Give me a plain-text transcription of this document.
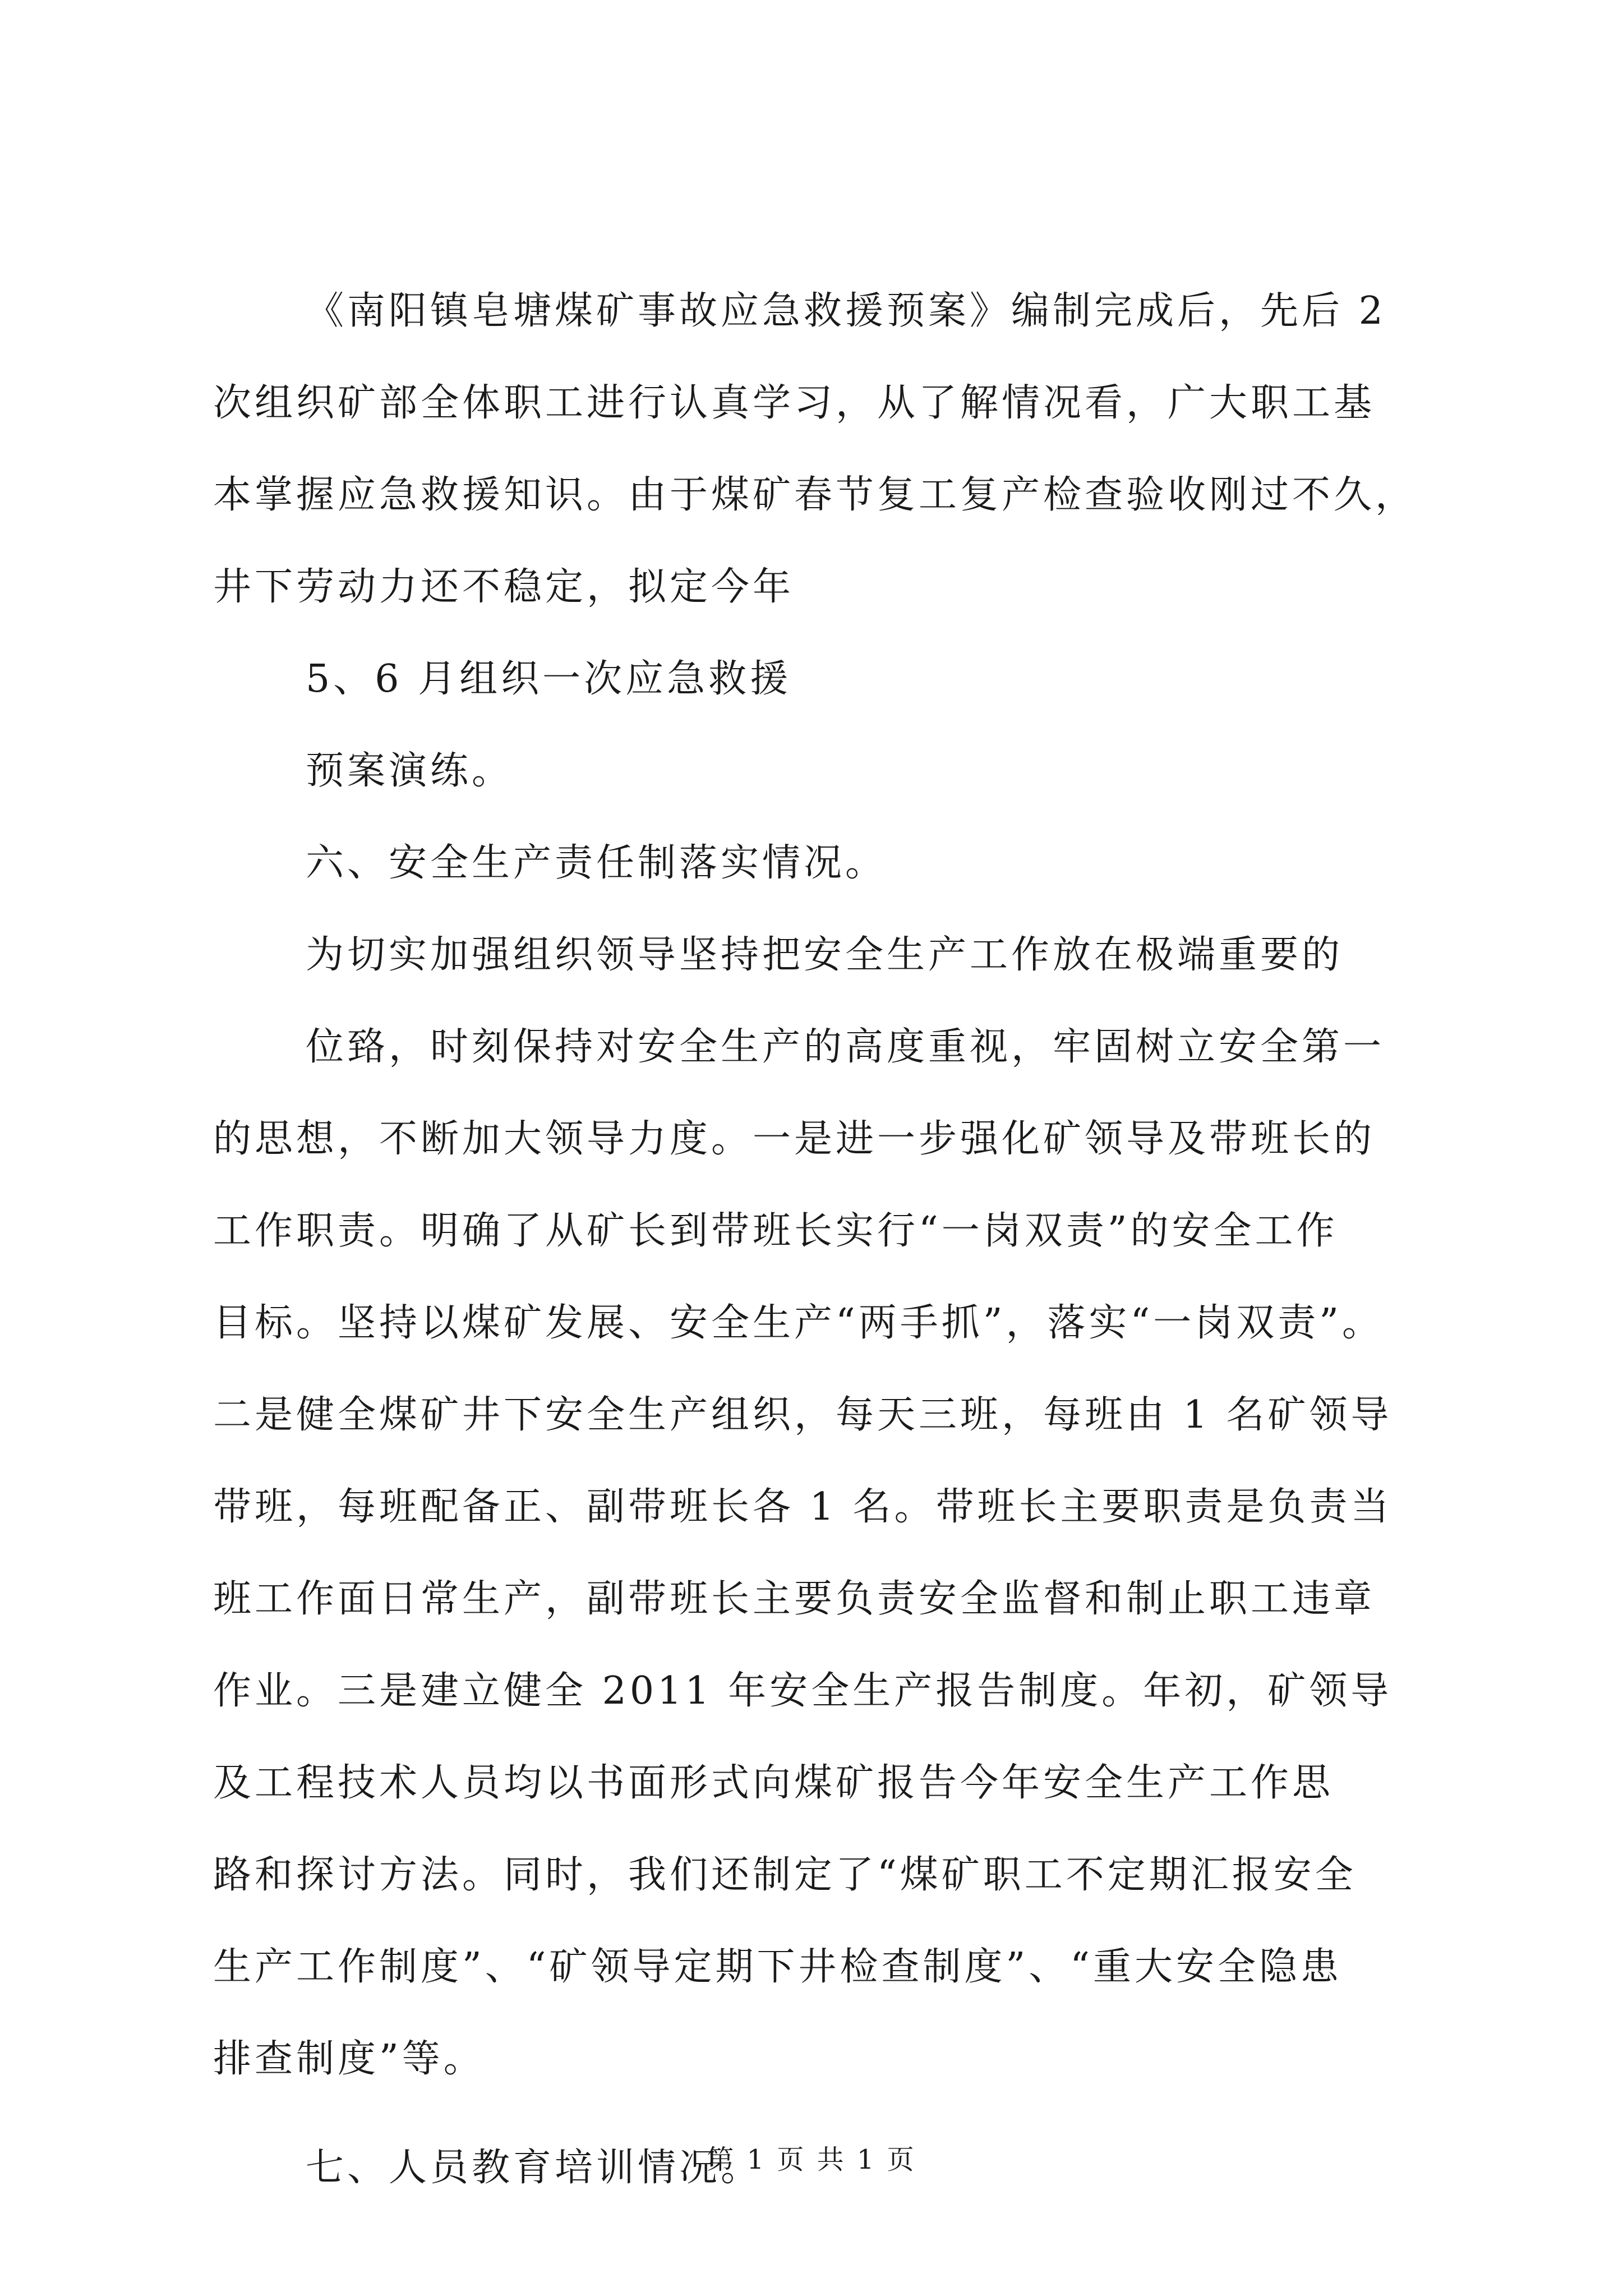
《南阳镇皂塘煤矿事故应急救援预案》编制完成后，先后 2
次组织矿部全体职工进行认真学习，从了解情况看，广大职工基
本掌握应急救援知识。由于煤矿春节复工复产检查验收刚过不久，
井下劳动力还不稳定，拟定今年
5、6 月组织一次应急救援
预案演练。
六、安全生产责任制落实情况。
为切实加强组织领导坚持把安全生产工作放在极端重要的
位臵，时刻保持对安全生产的高度重视，牢固树立安全第一
的思想，不断加大领导力度。一是进一步强化矿领导及带班长的
工作职责。明确了从矿长到带班长实行“一岗双责”的安全工作
目标。坚持以煤矿发展、安全生产“两手抓”，落实“一岗双责”。
二是健全煤矿井下安全生产组织，每天三班，每班由 1 名矿领导
带班，每班配备正、副带班长各 1 名。带班长主要职责是负责当
班工作面日常生产，副带班长主要负责安全监督和制止职工违章
作业。三是建立健全 2011 年安全生产报告制度。年初，矿领导
及工程技术人员均以书面形式向煤矿报告今年安全生产工作思
路和探讨方法。同时，我们还制定了“煤矿职工不定期汇报安全
生产工作制度”、“矿领导定期下井检查制度”、“重大安全隐患
排查制度”等。
七、人员教育培训情况。
第 1 页 共 1 页
